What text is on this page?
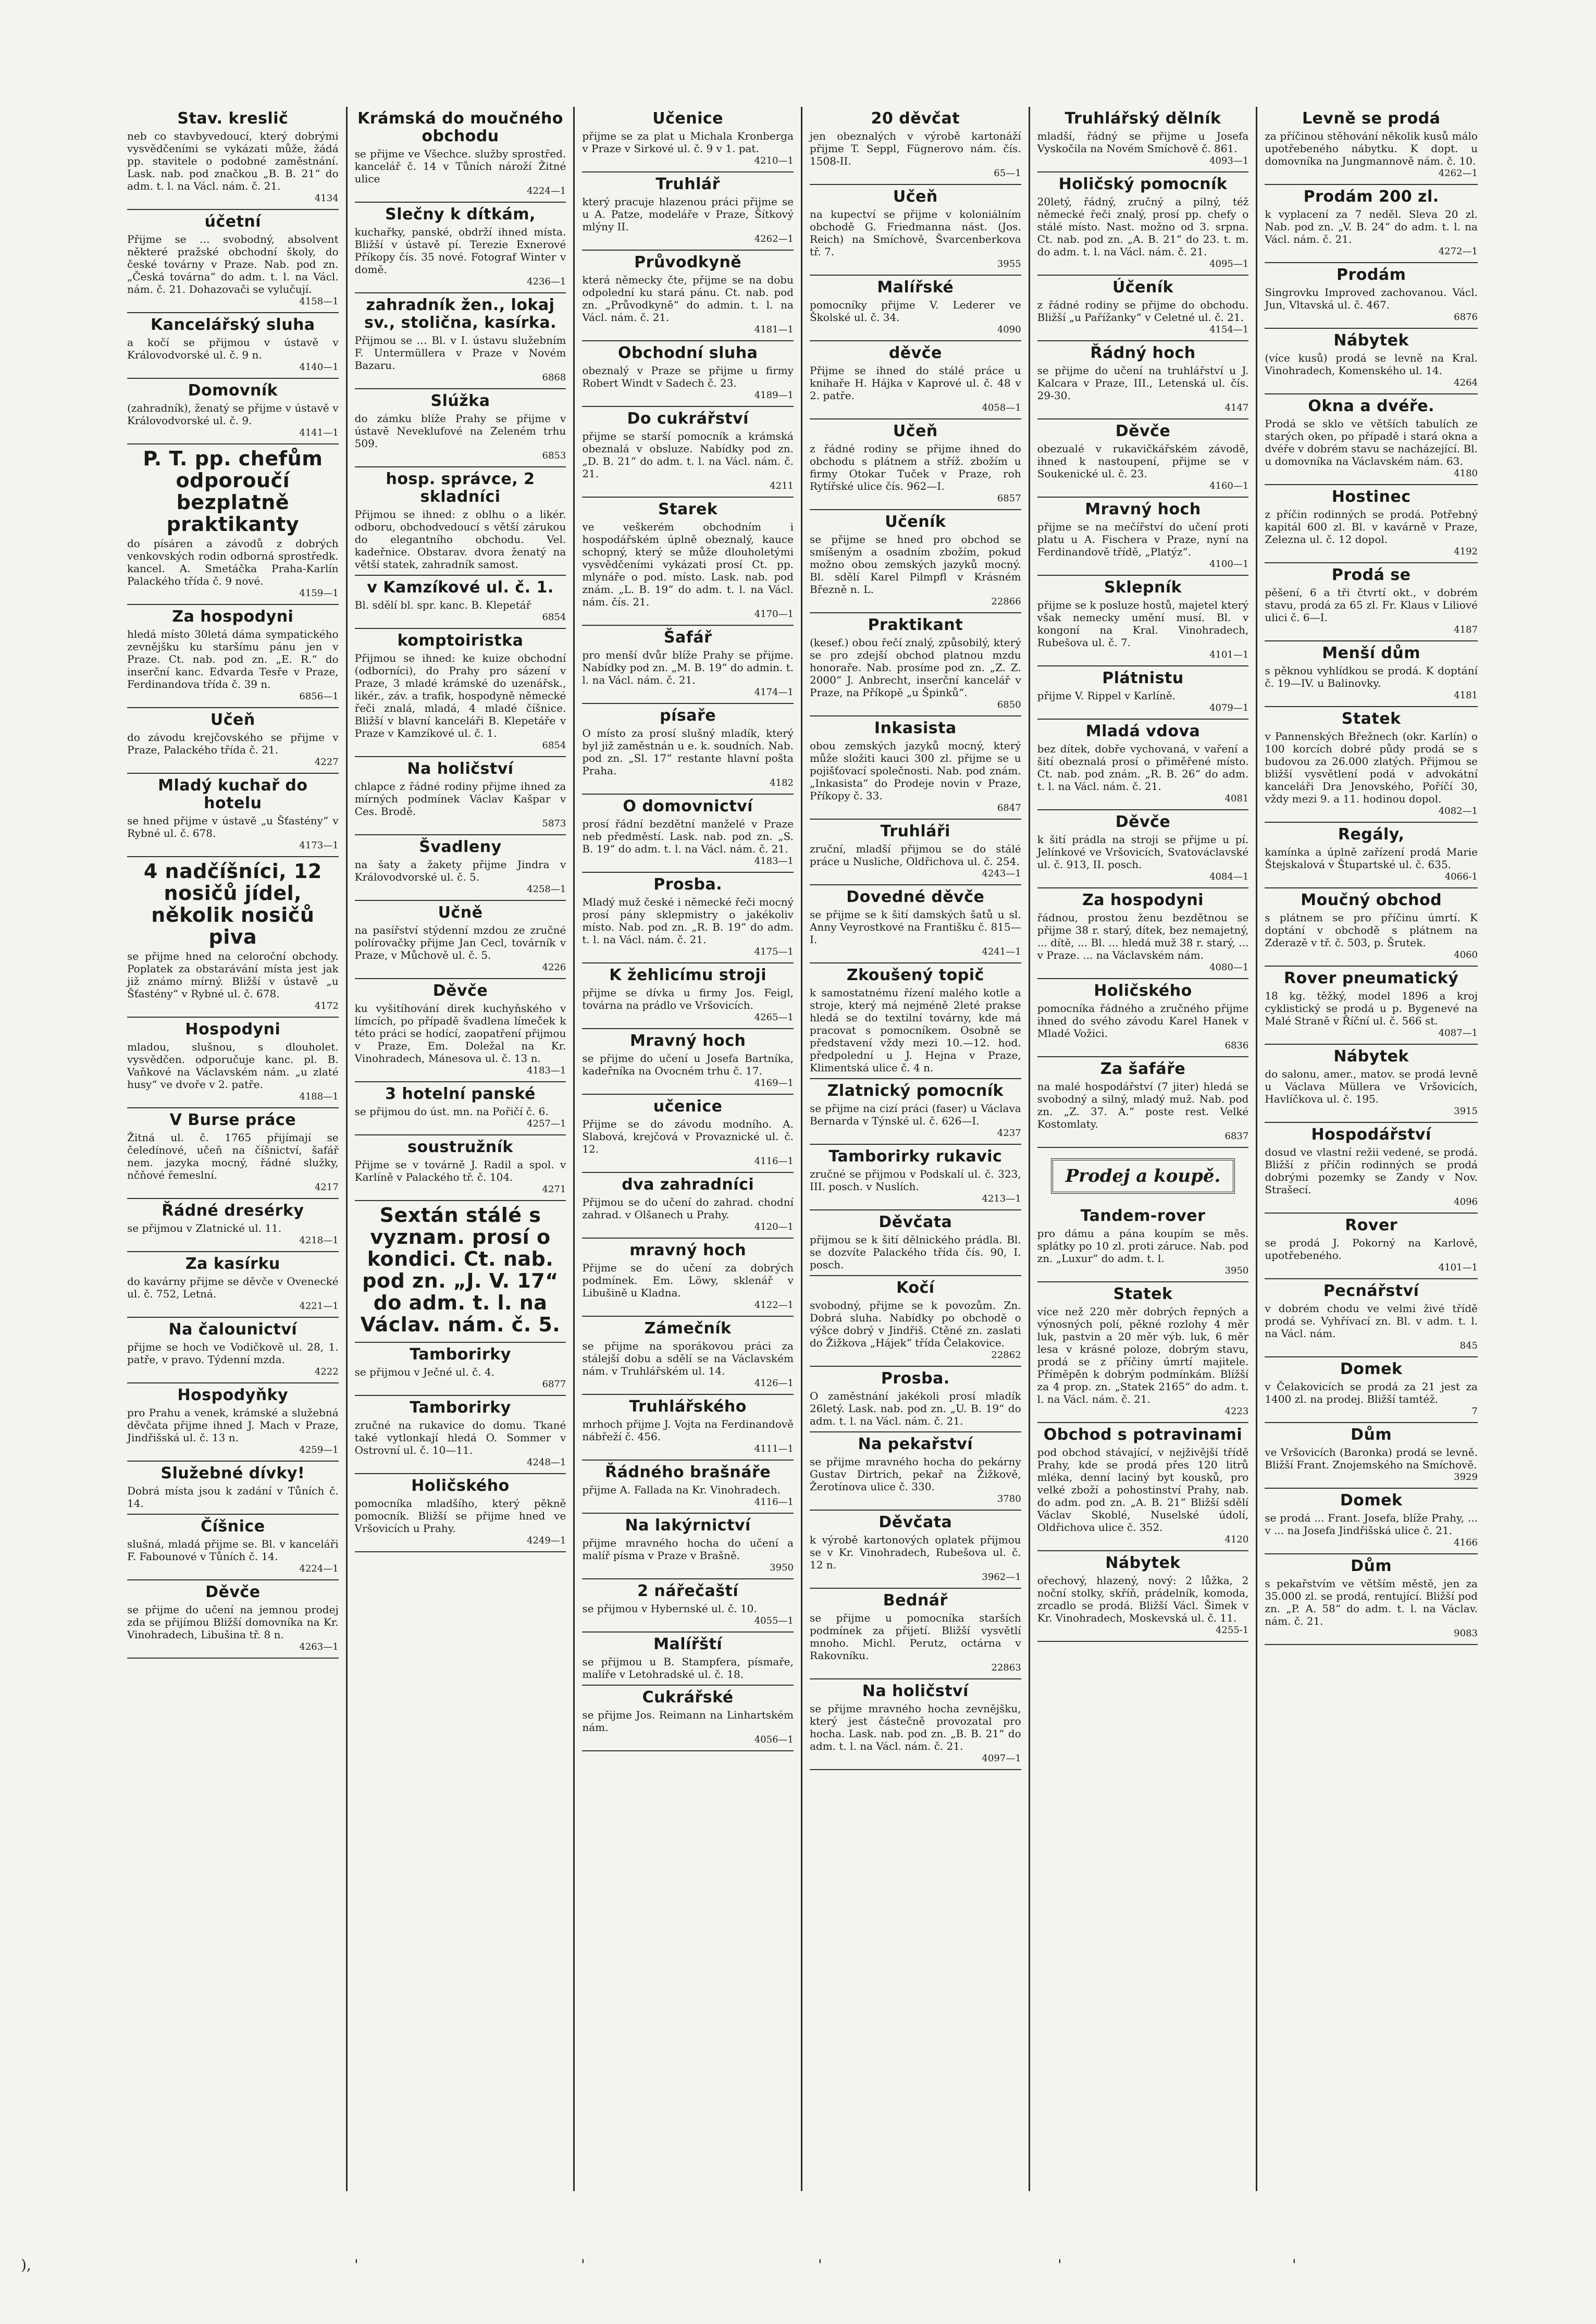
Stav. kreslič
neb co stavbyvedoucí, který dobrými vysvědčeními se vykázati může, žádá pp. stavitele o podobné zaměstnání. Lask. nab. pod značkou „B. B. 21“ do adm. t. l. na Václ. nám. č. 21.
4134
účetní
Přijme se … svobodný, absolvent některé pražské obchodní školy, do české továrny v Praze. Nab. pod zn. „Česká továrna“ do adm. t. l. na Václ. nám. č. 21. Dohazovači se vylučují.
4158—1
Kancelářský sluha
a kočí se přijmou v ústavě v Královodvorské ul. č. 9 n.
4140—1
Domovník
(zahradník), ženatý se přijme v ústavě v Královodvorské ul. č. 9.
4141—1
P. T. pp. chefům odporoučí bezplatně praktikanty
do písáren a závodů z dobrých venkovských rodin odborná sprostředk. kancel. A. Smetáčka Praha-Karlín Palackého třída č. 9 nové.
4159—1
Za hospodyni
hledá místo 30letá dáma sympatického zevnějšku ku staršímu pánu jen v Praze. Ct. nab. pod zn. „E. R.“ do inserční kanc. Edvarda Tesře v Praze, Ferdinandova třída č. 39 n.
6856—1
Učeň
do závodu krejčovského se přijme v Praze, Palackého třída č. 21.
4227
Mladý kuchař do hotelu
se hned přijme v ústavě „u Šťastény“ v Rybné ul. č. 678.
4173—1
4 nadčíšníci, 12 nosičů jídel, několik nosičů piva
se přijme hned na celoroční obchody. Poplatek za obstarávání místa jest jak již známo mírný. Bližší v ústavě „u Šťastény“ v Rybné ul. č. 678.
4172
Hospodyni
mladou, slušnou, s dlouholet. vysvědčen. odporučuje kanc. pl. B. Vaňkové na Václavském nám. „u zlaté husy“ ve dvoře v 2. patře.
4188—1
V Burse práce
Žitná ul. č. 1765 přijímají se čeledínové, učeň na číšnictví, šafář nem. jazyka mocný, řádné služky, nčňové řemeslní.
4217
Řádné dresérky
se přijmou v Zlatnické ul. 11.
4218—1
Za kasírku
do kavárny přijme se děvče v Ovenecké ul. č. 752, Letná.
4221—1
Na čalounictví
přijme se hoch ve Vodičkově ul. 28, 1. patře, v pravo. Týdenní mzda.
4222
Hospodyňky
pro Prahu a venek, krámské a služebná děvčata přijme ihned J. Mach v Praze, Jindřišská ul. č. 13 n.
4259—1
Služebné dívky!
Dobrá místa jsou k zadání v Tůních č. 14.
Číšnice
slušná, mladá přijme se. Bl. v kanceláři F. Fabounové v Tůních č. 14.
4224—1
Děvče
se přijme do učení na jemnou prodej zda se přijímou Bližší domovníka na Kr. Vinohradech, Libušina tř. 8 n.
4263—1
Krámská do moučného obchodu
se přijme ve Všechce. služby sprostřed. kancelář č. 14 v Tůních nároží Žitné ulice
4224—1
Slečny k dítkám,
kuchařky, panské, obdrží ihned místa. Bližší v ústavě pí. Terezie Exnerové Příkopy čís. 35 nové. Fotograf Winter v domě.
4236—1
zahradník žen., lokaj sv., stolična, kasírka.
Přijmou se … Bl. v I. ústavu služebním F. Untermüllera v Praze v Novém Bazaru.
6868
Slúžka
do zámku blíže Prahy se přijme v ústavě Neveklufové na Zeleném trhu 509.
6853
hosp. správce, 2 skladníci
Přijmou se ihned: z oblhu o a likér. odboru, obchodvedoucí s větší zárukou do elegantního obchodu. Vel. kadeřnice. Obstarav. dvora ženatý na větší statek, zahradník samost.
v Kamzíkové ul. č. 1.
Bl. sdělí bl. spr. kanc. B. Klepetář
6854
komptoiristka
Přijmou se ihned: ke kuize obchodní (odborníci), do Prahy pro sázení v Praze, 3 mladé krámské do uzenářsk., likér., záv. a trafik, hospodyně německé řeči znalá, mladá, 4 mladé číšnice. Bližší v blavní kanceláři B. Klepetáře v Praze v Kamzíkové ul. č. 1.
6854
Na holičství
chlapce z řádné rodiny přijme ihned za mírných podmínek Václav Kašpar v Ces. Brodě.
5873
Švadleny
na šaty a žakety přijme Jindra v Královodvorské ul. č. 5.
4258—1
Učně
na pasířství stýdenní mzdou ze zručné polírovačky přijme Jan Cecl, továrník v Praze, v Můchově ul. č. 5.
4226
Děvče
ku vyšitíhování direk kuchyňského v límcích, po případě švadlena límeček k této práci se hodící, zaopatření přijmou v Praze, Em. Doležal na Kr. Vinohradech, Mánesova ul. č. 13 n.
4183—1
3 hotelní panské
se přijmou do úst. mn. na Pořičí č. 6.
4257—1
soustružník
Přijme se v továrně J. Radil a spol. v Karlíně v Palackého tř. č. 104.
4271
Sextán stálé s vyznam. prosí o kondici. Ct. nab. pod zn. „J. V. 17“ do adm. t. l. na Václav. nám. č. 5.
Tamborirky
se přijmou v Ječné ul. č. 4.
6877
Tamborirky
zručné na rukavice do domu. Tkané také vytlonkají hledá O. Sommer v Ostrovní ul. č. 10—11.
4248—1
Holičského
pomocníka mladšího, který pěkně pomocník. Bližší se přijme hned ve Vršovicích u Prahy.
4249—1
Učenice
přijme se za plat u Michala Kronberga v Praze v Sirkové ul. č. 9 v 1. pat.
4210—1
Truhlář
který pracuje hlazenou práci přijme se u A. Patze, modeláře v Praze, Šítkový mlýny II.
4262—1
Průvodkyně
která německy čte, přijme se na dobu odpolední ku stará pánu. Ct. nab. pod zn. „Průvodkyně“ do admin. t. l. na Václ. nám. č. 21.
4181—1
Obchodní sluha
obeznalý v Praze se přijme u firmy Robert Windt v Sadech č. 23.
4189—1
Do cukrářství
přijme se starší pomocník a krámská obeznalá v obsluze. Nabídky pod zn. „D. B. 21“ do adm. t. l. na Václ. nám. č. 21.
4211
Starek
ve veškerém obchodním i hospodářském úplně obeznalý, kauce schopný, který se může dlouholetými vysvědčeními vykázati prosí Ct. pp. mlynáře o pod. místo. Lask. nab. pod znám. „L. B. 19“ do adm. t. l. na Václ. nám. čís. 21.
4170—1
Šafář
pro menší dvůr blíže Prahy se přijme. Nabídky pod zn. „M. B. 19“ do admin. t. l. na Václ. nám. č. 21.
4174—1
písaře
O místo za prosí slušný mladík, který byl již zaměstnán u e. k. soudních. Nab. pod zn. „Sl. 17“ restante hlavní pošta Praha.
4182
O domovnictví
prosí řádní bezdětní manželé v Praze neb předměstí. Lask. nab. pod zn. „S. B. 19“ do adm. t. l. na Václ. nám. č. 21.
4183—1
Prosba.
Mladý muž české i německé řeči mocný prosí pány sklepmistry o jakékoliv místo. Nab. pod zn. „R. B. 19“ do adm. t. l. na Václ. nám. č. 21.
4175—1
K žehlicímu stroji
přijme se dívka u firmy Jos. Feigl, továrna na prádlo ve Vršovicích.
4265—1
Mravný hoch
se přijme do učení u Josefa Bartníka, kadeřníka na Ovocném trhu č. 17.
4169—1
učenice
Přijme se do závodu modního. A. Slabová, krejčová v Provaznické ul. č. 12.
4116—1
dva zahradníci
Přijmou se do učení do zahrad. chodní zahrad. v Olšanech u Prahy.
4120—1
mravný hoch
Přijme se do učení za dobrých podmínek. Em. Löwy, sklenář v Libušině u Kladna.
4122—1
Zámečník
se přijme na sporákovou práci za stálejší dobu a sdělí se na Václavském nám. v Truhlářském ul. 14.
4126—1
Truhlářského
mrhoch přijme J. Vojta na Ferdinandově nábřeží č. 456.
4111—1
Řádného brašnáře
přijme A. Fallada na Kr. Vinohradech.
4116—1
Na lakýrnictví
přijme mravného hocha do učení a malíř písma v Praze v Brašně.
3950
2 nářečaští
se přijmou v Hybernské ul. č. 10.
4055—1
Malířští
se přijmou u B. Stampfera, písmaře, malíře v Letohradské ul. č. 18.
Cukrářské
se přijme Jos. Reimann na Linhartském nám.
4056—1
20 děvčat
jen obeznalých v výrobě kartonáží přijme T. Seppl, Fügnerovo nám. čís. 1508-II.
65—1
Učeň
na kupectví se přijme v koloniálním obchodě G. Friedmanna nást. (Jos. Reich) na Smíchově, Švarcenberkova tř. 7.
3955
Malířské
pomocníky přijme V. Lederer ve Školské ul. č. 34.
4090
děvče
Přijme se ihned do stálé práce u knihaře H. Hájka v Kaprové ul. č. 48 v 2. patře.
4058—1
Učeň
z řádné rodiny se přijme ihned do obchodu s plátnem a stříž. zbožím u firmy Otokar Tuček v Praze, roh Rytířské ulice čís. 962—I.
6857
Učeník
se přijme se hned pro obchod se smíšeným a osadním zbožím, pokud možno obou zemských jazyků mocný. Bl. sdělí Karel Pilmpfl v Krásném Březně n. L.
22866
Praktikant
(kesef.) obou řečí znalý, způsobilý, který se pro zdejší obchod platnou mzdu honoraře. Nab. prosíme pod zn. „Z. Z. 2000“ J. Anbrecht, inserční kancelář v Praze, na Příkopě „u Špinků“.
6850
Inkasista
obou zemských jazyků mocný, který může složiti kauci 300 zl. přijme se u pojišťovací společnosti. Nab. pod znám. „Inkasista“ do Prodeje novin v Praze, Příkopy č. 33.
6847
Truhláři
zruční, mladší přijmou se do stálé práce u Nusliche, Oldřichova ul. č. 254.
4243—1
Dovedné děvče
se přijme se k šití damských šatů u sl. Anny Veyrostkové na Františku č. 815—I.
4241—1
Zkoušený topič
k samostatnému řízení malého kotle a stroje, který má nejméně 2leté prakse hledá se do textilní továrny, kde má pracovat s pomocníkem. Osobně se představení vždy mezi 10.—12. hod. předpolední u J. Hejna v Praze, Klimentská ulice č. 4 n.
Zlatnický pomocník
se přijme na cizí práci (faser) u Václava Bernarda v Týnské ul. č. 626—I.
4237
Tamborirky rukavic
zručné se přijmou v Podskalí ul. č. 323, III. posch. v Nuslích.
4213—1
Děvčata
přijmou se k šití dělnického prádla. Bl. se dozvíte Palackého třída čís. 90, I. posch.
Kočí
svobodný, přijme se k povozům. Zn. Dobrá sluha. Nabídky po obchodě o výšce dobrý v Jindřiš. Ctěné zn. zaslati do Žižkova „Hájek“ třída Čelakovice.
22862
Prosba.
O zaměstnání jakékoli prosí mladík 26letý. Lask. nab. pod zn. „U. B. 19“ do adm. t. l. na Václ. nám. č. 21.
Na pekařství
se přijme mravného hocha do pekárny Gustav Dirtrich, pekař na Žižkově, Žerotínova ulice č. 330.
3780
Děvčata
k výrobě kartonových oplatek přijmou se v Kr. Vinohradech, Rubešova ul. č. 12 n.
3962—1
Bednář
se přijme u pomocníka starších podmínek za přijetí. Bližší vysvětlí mnoho. Michl. Perutz, octárna v Rakovníku.
22863
Na holičství
se přijme mravného hocha zevnějšku, který jest částečně provozatal pro hocha. Lask. nab. pod zn. „B. B. 21“ do adm. t. l. na Václ. nám. č. 21.
4097—1
Truhlářský dělník
mladší, řádný se přijme u Josefa Vyskočila na Novém Smíchově č. 861.
4093—1
Holičský pomocník
20letý, řádný, zručný a pilný, též německé řeči znalý, prosí pp. chefy o stálé místo. Nast. možno od 3. srpna. Ct. nab. pod zn. „A. B. 21“ do 23. t. m. do adm. t. l. na Václ. nám. č. 21.
4095—1
Účeník
z řádné rodiny se přijme do obchodu. Bližší „u Pařížanky“ v Celetné ul. č. 21.
4154—1
Řádný hoch
se přijme do učení na truhlářství u J. Kalcara v Praze, III., Letenská ul. čís. 29-30.
4147
Děvče
obezualé v rukavičkářském závodě, ihned k nastoupení, přijme se v Soukenické ul. č. 23.
4160—1
Mravný hoch
přijme se na mečířství do učení proti platu u A. Fischera v Praze, nyní na Ferdinandově třídě, „Platýz“.
4100—1
Sklepník
přijme se k posluze hostů, majetel který však nemecky umění musí. Bl. v kongoní na Kral. Vinohradech, Rubešova ul. č. 7.
4101—1
Plátnistu
přijme V. Rippel v Karlíně.
4079—1
Mladá vdova
bez dítek, dobře vychovaná, v vaření a šití obeznalá prosí o přiměřené místo. Ct. nab. pod znám. „R. B. 26“ do adm. t. l. na Václ. nám. č. 21.
4081
Děvče
k šití prádla na stroji se přijme u pí. Jelínkové ve Vršovicích, Svatováclavské ul. č. 913, II. posch.
4084—1
Za hospodyni
řádnou, prostou ženu bezdětnou se přijme 38 r. starý, dítek, bez nemajetný, ... dítě, ... Bl. ... hledá muž 38 r. starý, ... v Praze. ... na Václavském nám.
4080—1
Holičského
pomocníka řádného a zručného přijme ihned do svého závodu Karel Hanek v Mladé Vožici.
6836
Za šafáře
na malé hospodářství (7 jiter) hledá se svobodný a silný, mladý muž. Nab. pod zn. „Z. 37. A.“ poste rest. Velké Kostomlaty.
6837
Prodej a koupě.
Tandem-rover
pro dámu a pána koupím se měs. splátky po 10 zl. proti záruce. Nab. pod zn. „Luxur“ do adm. t. l.
3950
Statek
více než 220 měr dobrých řepných a výnosných polí, pěkné rozlohy 4 měr luk, pastvin a 20 měr výb. luk, 6 měr lesa v krásné poloze, dobrým stavu, prodá se z příčiny úmrtí majitele. Příměpěn k dobrým podmínkám. Blížší za 4 prop. zn. „Statek 2165“ do adm. t. l. na Václ. nám. č. 21.
4223
Obchod s potravinami
pod obchod stávající, v nejživější třídě Prahy, kde se prodá přes 120 litrů mléka, denní laciný byt kousků, pro velké zboží a pohostinství Prahy, nab. do adm. pod zn. „A. B. 21“ Bližší sdělí Václav Skoblé, Nuselské údolí, Oldřichova ulice č. 352.
4120
Nábytek
ořechový, hlazený, nový: 2 lůžka, 2 noční stolky, skříň, prádelník, komoda, zrcadlo se prodá. Bližší Václ. Šimek v Kr. Vinohradech, Moskevská ul. č. 11.
4255-1
Levně se prodá
za příčinou stěhování několik kusů málo upotřebeného nábytku. K dopt. u domovníka na Jungmannově nám. č. 10.
4262—1
Prodám 200 zl.
k vyplacení za 7 neděl. Sleva 20 zl. Nab. pod zn. „V. B. 24“ do adm. t. l. na Václ. nám. č. 21.
4272—1
Prodám
Singrovku Improved zachovanou. Václ. Jun, Vltavská ul. č. 467.
6876
Nábytek
(více kusů) prodá se levně na Kral. Vinohradech, Komenského ul. 14.
4264
Okna a dvéře.
Prodá se sklo ve větších tabulích ze starých oken, po případě i stará okna a dvéře v dobrém stavu se nacházející. Bl. u domovníka na Václavském nám. 63.
4180
Hostinec
z příčin rodinných se prodá. Potřebný kapitál 600 zl. Bl. v kavárně v Praze, Zelezna ul. č. 12 dopol.
4192
Prodá se
pěšení, 6 a tři čtvrtí okt., v dobrém stavu, prodá za 65 zl. Fr. Klaus v Liliové ulici č. 6—I.
4187
Menší dům
s pěknou vyhlídkou se prodá. K doptání č. 19—IV. u Balinovky.
4181
Statek
v Pannenských Břežnech (okr. Karlín) o 100 korcích dobré půdy prodá se s budovou za 26.000 zlatých. Přijmou se bližší vysvětlení podá v advokátní kanceláři Dra Jenovského, Poříčí 30, vždy mezi 9. a 11. hodinou dopol.
4082—1
Regály,
kamínka a úplně zařízení prodá Marie Štejskalová v Štupartské ul. č. 635.
4066-1
Moučný obchod
s plátnem se pro příčinu úmrtí. K doptání v obchodě s plátnem na Zderazě v tř. č. 503, p. Šrutek.
4060
Rover pneumatický
18 kg. těžký, model 1896 a kroj cyklistický se prodá u p. Bygenevé na Malé Straně v Říční ul. č. 566 st.
4087—1
Nábytek
do salonu, amer., matov. se prodá levně u Václava Müllera ve Vršovicích, Havlíčkova ul. č. 195.
3915
Hospodářství
dosud ve vlastní režii vedené, se prodá. Bližší z příčin rodinných se prodá dobrými pozemky se Zandy v Nov. Strašecí.
4096
Rover
se prodá J. Pokorný na Karlově, upotřebeného.
4101—1
Pecnářství
v dobrém chodu ve velmi živé třídě prodá se. Vyhřívací zn. Bl. v adm. t. l. na Václ. nám.
845
Domek
v Čelakovicích se prodá za 21 jest za 1400 zl. na prodej. Bližší tamtéž.
7
Dům
ve Vršovicích (Baronka) prodá se levně. Bližší Frant. Znojemského na Smíchově.
3929
Domek
se prodá ... Frant. Josefa, blíže Prahy, ... v ... na Josefa Jindřišská ulice č. 21.
4166
Dům
s pekařstvím ve větším městě, jen za 35.000 zl. se prodá, rentující. Bližší pod zn. „P. A. 58“ do adm. t. l. na Václav. nám. č. 21.
9083
),	'	'	'	'	'
